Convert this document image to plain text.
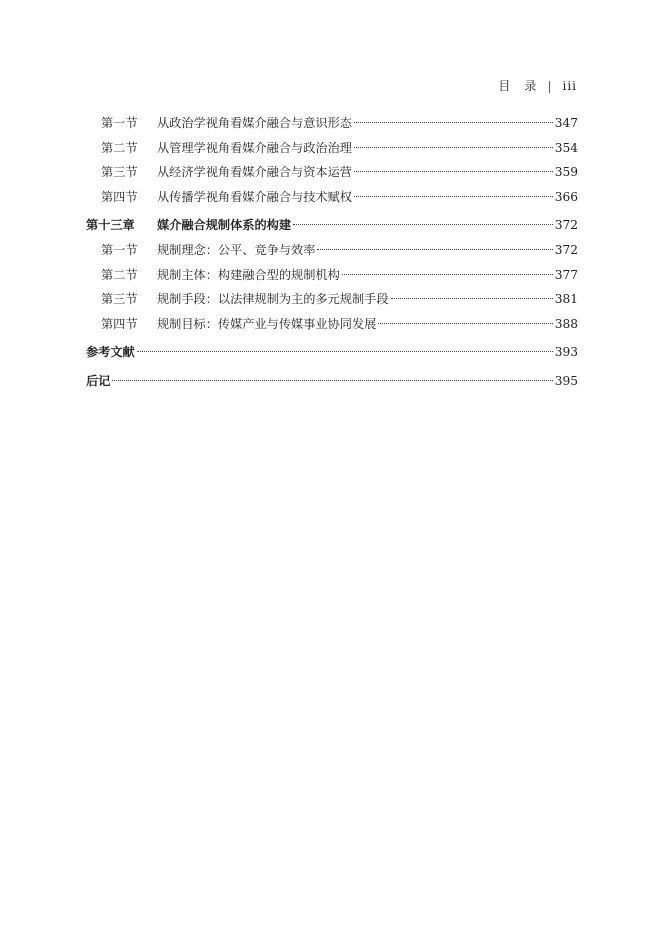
目　录 | iii
第一节	从政治学视角看媒介融合与意识形态	347
第二节	从管理学视角看媒介融合与政治治理	354
第三节	从经济学视角看媒介融合与资本运营	359
第四节	从传播学视角看媒介融合与技术赋权	366
第十三章	媒介融合规制体系的构建	372
第一节	规制理念：公平、竞争与效率	372
第二节	规制主体：构建融合型的规制机构	377
第三节	规制手段：以法律规制为主的多元规制手段	381
第四节	规制目标：传媒产业与传媒事业协同发展	388
参考文献	393
后记	395
